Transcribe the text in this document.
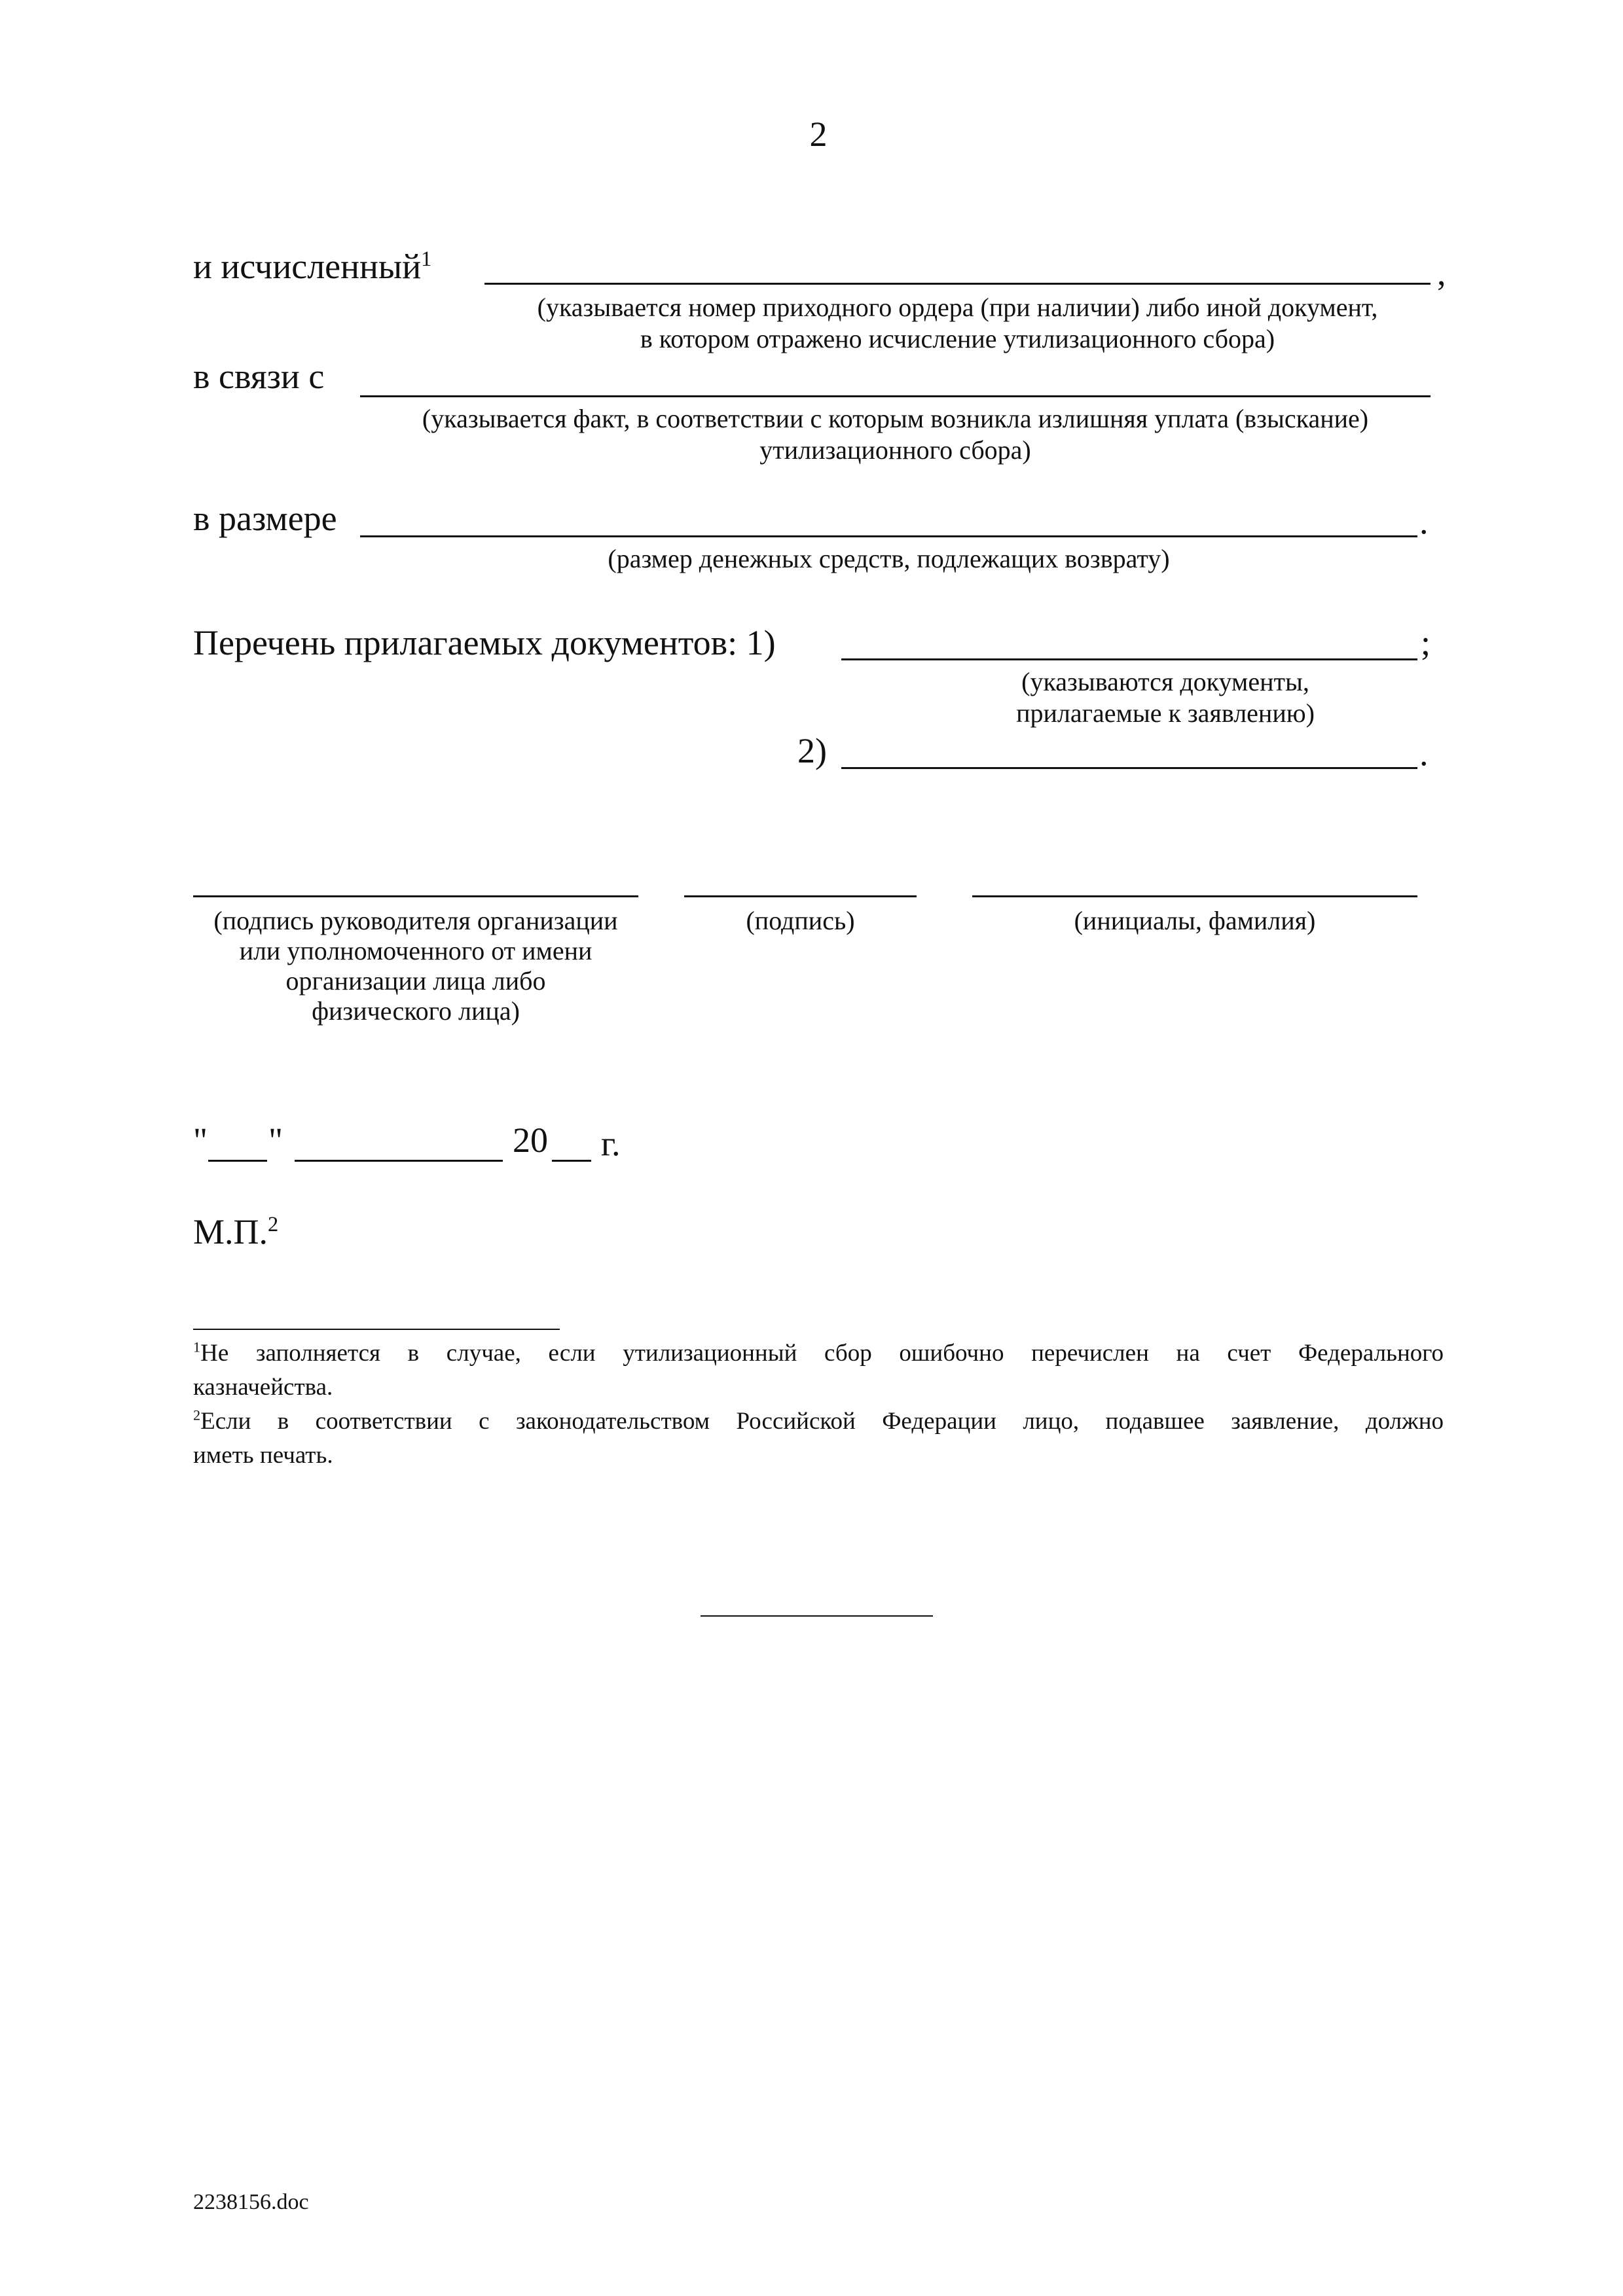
2
и исчисленный$^1$	,
(указывается номер приходного ордера (при наличии) либо иной документ,
в котором отражено исчисление утилизационного сбора)
в связи с
(указывается факт, в соответствии с которым возникла излишняя уплата (взыскание)
утилизационного сбора)
в размере	.
(размер денежных средств, подлежащих возврату)
Перечень прилагаемых документов: 1)	;
(указываются документы,
прилагаемые к заявлению)
2)	.
(подпись руководителя организации
или уполномоченного от имени
организации лица либо
физического лица)
(подпись)	(инициалы, фамилия)
" "	20 г.
М.П.$^2$
$^1$Не заполняется в случае, если утилизационный сбор ошибочно перечислен на счет Федерального
казначейства.
$^2$Если в соответствии с законодательством Российской Федерации лицо, подавшее заявление, должно
иметь печать.
2238156.doc
